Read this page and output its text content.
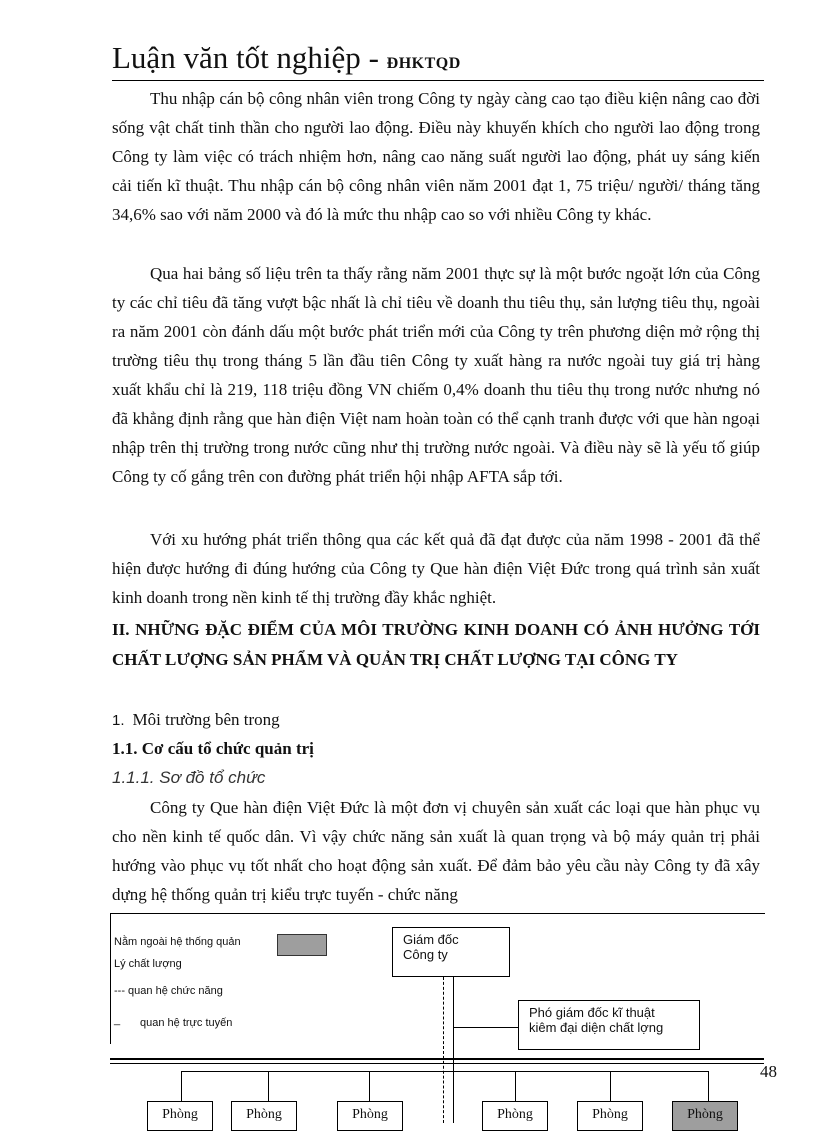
Luận văn tốt nghiệp - ĐHKTQD
Thu nhập cán bộ công nhân viên trong Công ty ngày càng cao tạo điều kiện nâng cao đời sống vật chất tinh thần cho người lao động. Điều này khuyến khích cho người lao động trong Công ty làm việc có trách nhiệm hơn, nâng cao năng suất người lao động, phát uy sáng kiến cải tiến kĩ thuật. Thu nhập cán bộ công nhân viên năm 2001 đạt 1, 75 triệu/ người/ tháng tăng 34,6% sao với năm 2000 và đó là mức thu nhập cao so với nhiều Công ty khác.
Qua hai bảng số liệu trên ta thấy rằng năm 2001 thực sự là một bước ngoặt lớn của Công ty các chỉ tiêu đã tăng vượt bậc nhất là chỉ tiêu về doanh thu tiêu thụ, sản lượng tiêu thụ, ngoài ra năm 2001 còn đánh dấu một bước phát triển mới của Công ty trên phương diện mở rộng thị trường tiêu thụ trong tháng 5 lần đầu tiên Công ty xuất hàng ra nước ngoài tuy giá trị hàng xuất khẩu chỉ là 219, 118 triệu đồng VN chiếm 0,4% doanh thu tiêu thụ trong nước nhưng nó đã khẳng định rằng que hàn điện Việt nam hoàn toàn có thể cạnh tranh được với que hàn ngoại nhập trên thị trường trong nước cũng như thị trường nước ngoài. Và điều này sẽ là yếu tố giúp Công ty cố gắng trên con đường phát triển hội nhập AFTA sắp tới.
Với xu hướng phát triển thông qua các kết quả đã đạt được của năm 1998 - 2001 đã thể hiện được hướng đi đúng hướng của Công ty Que hàn điện Việt Đức trong quá trình sản xuất kinh doanh trong nền kinh tế thị trường đầy khắc nghiệt.
II. NHỮNG ĐẶC ĐIỂM CỦA MÔI TRƯỜNG KINH DOANH CÓ ẢNH HƯỞNG TỚI CHẤT LƯỢNG SẢN PHẨM VÀ QUẢN TRỊ CHẤT LƯỢNG TẠI CÔNG TY
1. Môi trường bên trong
1.1. Cơ cấu tổ chức quản trị
1.1.1. Sơ đồ tổ chức
Công ty Que hàn điện Việt Đức là một đơn vị chuyên sản xuất các loại que hàn phục vụ cho nền kinh tế quốc dân. Vì vậy chức năng sản xuất là quan trọng và bộ máy quản trị phải hướng vào phục vụ tốt nhất cho hoạt động sản xuất. Để đảm bảo yêu cầu này Công ty đã xây dựng hệ thống quản trị kiểu trực tuyến - chức năng
Nằm ngoài hệ thống quản
Lý chất lượng
--- quan hệ chức năng
_ quan hệ trực tuyến
Giám đốc
Công ty
Phó giám đốc kĩ thuật
kiêm đại diện chất lợng
Phòng	Phòng	Phòng	Phòng	Phòng	Phòng
48
